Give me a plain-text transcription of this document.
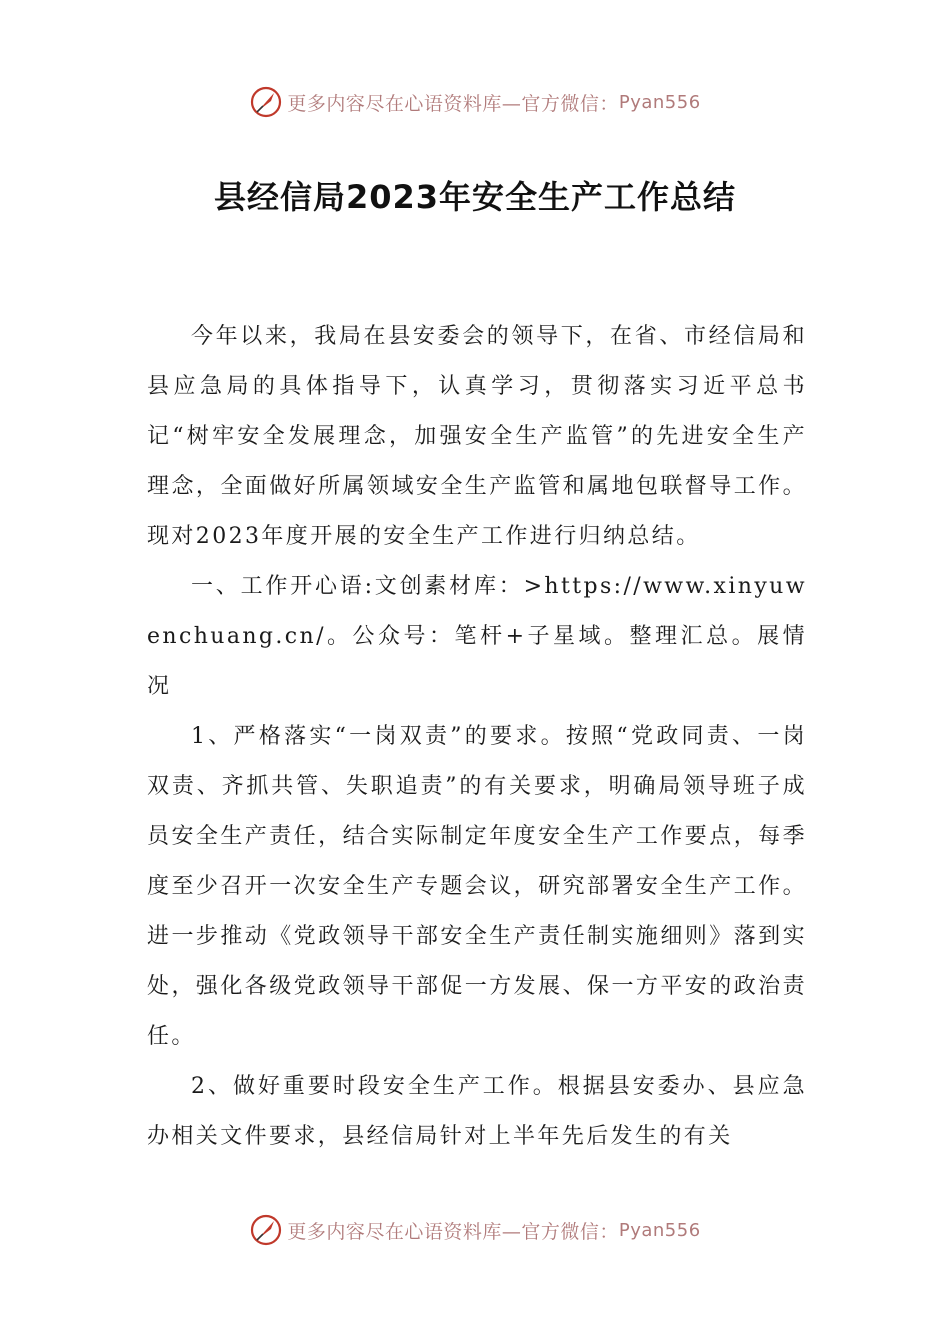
更多内容尽在心语资料库—官方微信： Pyan556
县经信局2023年安全生产工作总结

今年以来，我局在县安委会的领导下，在省、市经信局和县应急局的具体指导下，认真学习，贯彻落实习近平总书记“树牢安全发展理念，加强安全生产监管”的先进安全生产理念，全面做好所属领域安全生产监管和属地包联督导工作。现对2023年度开展的安全生产工作进行归纳总结。

一、工作开心语:文创素材库：>https://www.xinyuwenchuang.cn/。公众号：笔杆+子星域。整理汇总。展情况

1、严格落实“一岗双责”的要求。按照“党政同责、一岗双责、齐抓共管、失职追责”的有关要求，明确局领导班子成员安全生产责任，结合实际制定年度安全生产工作要点，每季度至少召开一次安全生产专题会议，研究部署安全生产工作。进一步推动《党政领导干部安全生产责任制实施细则》落到实处，强化各级党政领导干部促一方发展、保一方平安的政治责任。

2、做好重要时段安全生产工作。根据县安委办、县应急办相关文件要求，县经信局针对上半年先后发生的有关

更多内容尽在心语资料库—官方微信： Pyan556
